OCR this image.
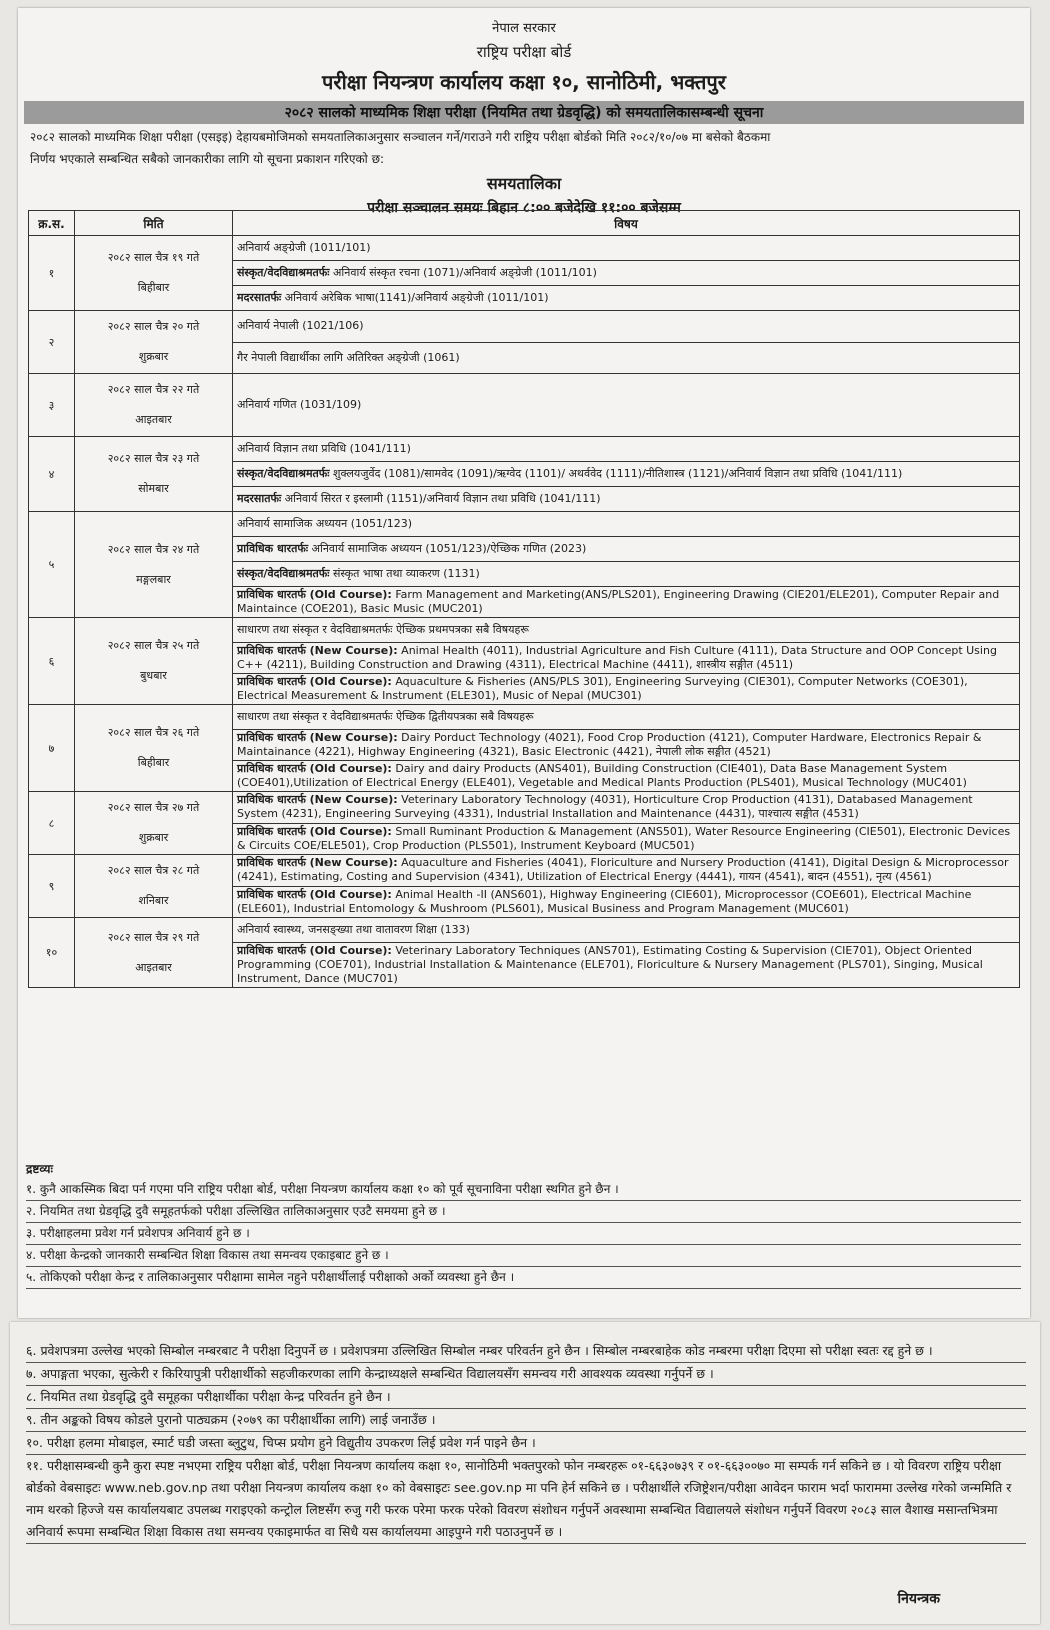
नेपाल सरकार
राष्ट्रिय परीक्षा बोर्ड
परीक्षा नियन्त्रण कार्यालय कक्षा १०, सानोठिमी, भक्तपुर
२०८२ सालको माध्यमिक शिक्षा परीक्षा (नियमित तथा ग्रेडवृद्धि) को समयतालिकासम्बन्धी सूचना
२०८२ सालको माध्यमिक शिक्षा परीक्षा (एसइइ) देहायबमोजिमको समयतालिकाअनुसार सञ्चालन गर्ने/गराउने गरी राष्ट्रिय परीक्षा बोर्डको मिति २०८२/१०/०७ मा बसेको बैठकमा
निर्णय भएकाले सम्बन्धित सबैको जानकारीका लागि यो सूचना प्रकाशन गरिएको छ:
समयतालिका
परीक्षा सञ्चालन समयः बिहान ८:०० बजेदेखि ११:०० बजेसम्म
क्र.स.	मिति	विषय
१	२०८२ साल चैत्र १९ गते
बिहीबार	अनिवार्य अङ्ग्रेजी (1011/101)
		संस्कृत/वेदविद्याश्रमतर्फः अनिवार्य संस्कृत रचना (1071)/अनिवार्य अङ्ग्रेजी (1011/101)
		मदरसातर्फः अनिवार्य अरेबिक भाषा(1141)/अनिवार्य अङ्ग्रेजी (1011/101)
२	२०८२ साल चैत्र २० गते
शुक्रबार	अनिवार्य नेपाली (1021/106)
		गैर नेपाली विद्यार्थीका लागि अतिरिक्त अङ्ग्रेजी (1061)
३	२०८२ साल चैत्र २२ गते
आइतबार	अनिवार्य गणित (1031/109)
४	२०८२ साल चैत्र २३ गते
सोमबार	अनिवार्य विज्ञान तथा प्रविधि (1041/111)
		संस्कृत/वेदविद्याश्रमतर्फः शुक्लयजुर्वेद (1081)/सामवेद (1091)/ऋग्वेद (1101)/ अथर्ववेद (1111)/नीतिशास्त्र (1121)/अनिवार्य विज्ञान तथा प्रविधि (1041/111)
		मदरसातर्फः अनिवार्य सिरत र इस्लामी (1151)/अनिवार्य विज्ञान तथा प्रविधि (1041/111)
५	२०८२ साल चैत्र २४ गते
मङ्गलबार	अनिवार्य सामाजिक अध्ययन (1051/123)
		प्राविधिक धारतर्फः अनिवार्य सामाजिक अध्ययन (1051/123)/ऐच्छिक गणित (2023)
		संस्कृत/वेदविद्याश्रमतर्फः संस्कृत भाषा तथा व्याकरण (1131)
		प्राविधिक धारतर्फ (Old Course): Farm Management and Marketing(ANS/PLS201), Engineering Drawing (CIE201/ELE201), Computer Repair and Maintaince (COE201), Basic Music (MUC201)
६	२०८२ साल चैत्र २५ गते
बुधबार	साधारण तथा संस्कृत र वेदविद्याश्रमतर्फः ऐच्छिक प्रथमपत्रका सबै विषयहरू
		प्राविधिक धारतर्फ (New Course): Animal Health (4011), Industrial Agriculture and Fish Culture (4111), Data Structure and OOP Concept Using C++ (4211), Building Construction and Drawing (4311), Electrical Machine (4411), शास्त्रीय सङ्गीत (4511)
		प्राविधिक धारतर्फ (Old Course): Aquaculture & Fisheries (ANS/PLS 301), Engineering Surveying (CIE301), Computer Networks (COE301), Electrical Measurement & Instrument (ELE301), Music of Nepal (MUC301)
७	२०८२ साल चैत्र २६ गते
बिहीबार	साधारण तथा संस्कृत र वेदविद्याश्रमतर्फः ऐच्छिक द्वितीयपत्रका सबै विषयहरू
		प्राविधिक धारतर्फ (New Course): Dairy Porduct Technology (4021), Food Crop Production (4121), Computer Hardware, Electronics Repair & Maintainance (4221), Highway Engineering (4321), Basic Electronic (4421), नेपाली लोक सङ्गीत (4521)
		प्राविधिक धारतर्फ (Old Course): Dairy and dairy Products (ANS401), Building Construction (CIE401), Data Base Management System (COE401),Utilization of Electrical Energy (ELE401), Vegetable and Medical Plants Production (PLS401), Musical Technology (MUC401)
८	२०८२ साल चैत्र २७ गते
शुक्रबार	प्राविधिक धारतर्फ (New Course): Veterinary Laboratory Technology (4031), Horticulture Crop Production (4131), Databased Management System (4231), Engineering Surveying (4331), Industrial Installation and Maintenance (4431), पाश्चात्य सङ्गीत (4531)
		प्राविधिक धारतर्फ (Old Course): Small Ruminant Production & Management (ANS501), Water Resource Engineering (CIE501), Electronic Devices & Circuits COE/ELE501), Crop Production (PLS501), Instrument Keyboard (MUC501)
९	२०८२ साल चैत्र २८ गते
शनिबार	प्राविधिक धारतर्फ (New Course): Aquaculture and Fisheries (4041), Floriculture and Nursery Production (4141), Digital Design & Microprocessor (4241), Estimating, Costing and Supervision (4341), Utilization of Electrical Energy (4441), गायन (4541), बादन (4551), नृत्य (4561)
		प्राविधिक धारतर्फ (Old Course): Animal Health -II (ANS601), Highway Engineering (CIE601), Microprocessor (COE601), Electrical Machine (ELE601), Industrial Entomology & Mushroom (PLS601), Musical Business and Program Management (MUC601)
१०	२०८२ साल चैत्र २९ गते
आइतबार	अनिवार्य स्वास्थ्य, जनसङ्ख्या तथा वातावरण शिक्षा (133)
		प्राविधिक धारतर्फ (Old Course): Veterinary Laboratory Techniques (ANS701), Estimating Costing & Supervision (CIE701), Object Oriented Programming (COE701), Industrial Installation & Maintenance (ELE701), Floriculture & Nursery Management (PLS701), Singing, Musical Instrument, Dance (MUC701)
द्रष्टव्यः
१. कुनै आकस्मिक बिदा पर्न गएमा पनि राष्ट्रिय परीक्षा बोर्ड, परीक्षा नियन्त्रण कार्यालय कक्षा १० को पूर्व सूचनाविना परीक्षा स्थगित हुने छैन ।
२. नियमित तथा ग्रेडवृद्धि दुवै समूहतर्फको परीक्षा उल्लिखित तालिकाअनुसार एउटै समयमा हुने छ ।
३. परीक्षाहलमा प्रवेश गर्न प्रवेशपत्र अनिवार्य हुने छ ।
४. परीक्षा केन्द्रको जानकारी सम्बन्धित शिक्षा विकास तथा समन्वय एकाइबाट हुने छ ।
५. तोकिएको परीक्षा केन्द्र र तालिकाअनुसार परीक्षामा सामेल नहुने परीक्षार्थीलाई परीक्षाको अर्को व्यवस्था हुने छैन ।
६. प्रवेशपत्रमा उल्लेख भएको सिम्बोल नम्बरबाट नै परीक्षा दिनुपर्ने छ । प्रवेशपत्रमा उल्लिखित सिम्बोल नम्बर परिवर्तन हुने छैन । सिम्बोल नम्बरबाहेक कोड नम्बरमा परीक्षा दिएमा सो परीक्षा स्वतः रद्द हुने छ ।
७. अपाङ्गता भएका, सुत्केरी र किरियापुत्री परीक्षार्थीको सहजीकरणका लागि केन्द्राध्यक्षले सम्बन्धित विद्यालयसँग समन्वय गरी आवश्यक व्यवस्था गर्नुपर्ने छ ।
८. नियमित तथा ग्रेडवृद्धि दुवै समूहका परीक्षार्थीका परीक्षा केन्द्र परिवर्तन हुने छैन ।
९. तीन अङ्कको विषय कोडले पुरानो पाठ्यक्रम (२०७९ का परीक्षार्थीका लागि) लाई जनाउँछ ।
१०. परीक्षा हलमा मोबाइल, स्मार्ट घडी जस्ता ब्लुटुथ, चिप्स प्रयोग हुने विद्युतीय उपकरण लिई प्रवेश गर्न पाइने छैन ।
११. परीक्षासम्बन्धी कुनै कुरा स्पष्ट नभएमा राष्ट्रिय परीक्षा बोर्ड, परीक्षा नियन्त्रण कार्यालय कक्षा १०, सानोठिमी भक्तपुरको फोन नम्बरहरू ०१-६६३०७३९ र ०१-६६३००७० मा सम्पर्क गर्न सकिने छ । यो विवरण राष्ट्रिय परीक्षा बोर्डको वेबसाइटः www.neb.gov.np तथा परीक्षा नियन्त्रण कार्यालय कक्षा १० को वेबसाइटः see.gov.np मा पनि हेर्न सकिने छ । परीक्षार्थीले रजिष्ट्रेशन/परीक्षा आवेदन फाराम भर्दा फाराममा उल्लेख गरेको जन्ममिति र नाम थरको हिज्जे यस कार्यालयबाट उपलब्ध गराइएको कन्ट्रोल लिष्टसँग रुजु गरी फरक परेमा फरक परेको विवरण संशोधन गर्नुपर्ने अवस्थामा सम्बन्धित विद्यालयले संशोधन गर्नुपर्ने विवरण २०८३ साल वैशाख मसान्तभित्रमा अनिवार्य रूपमा सम्बन्धित शिक्षा विकास तथा समन्वय एकाइमार्फत वा सिधै यस कार्यालयमा आइपुग्ने गरी पठाउनुपर्ने छ ।
नियन्त्रक
